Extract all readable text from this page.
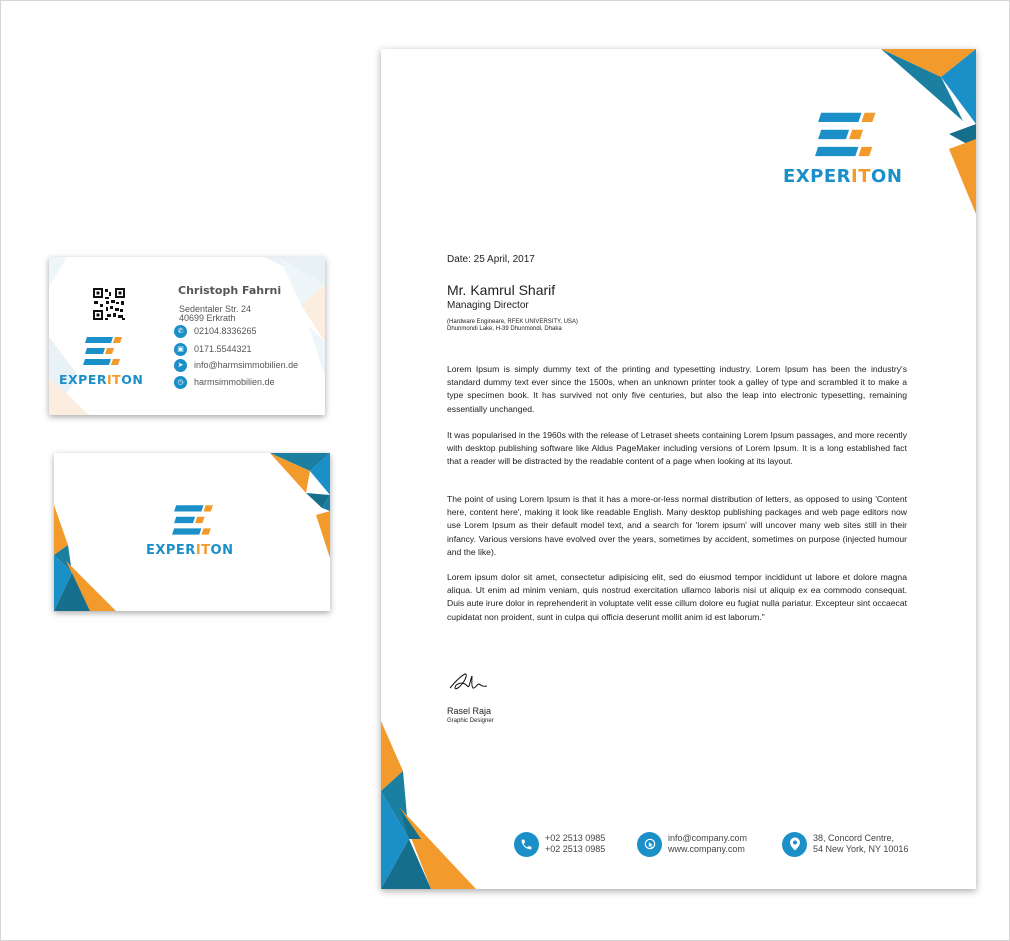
EXPERITON
Christoph Fahrni
Sedentaler Str. 24
40699 Erkrath
✆	02104.8336265
▣	0171.5544321
➤	info@harmsimmobilien.de
◷	harmsimmobilien.de
EXPERITON
EXPERITON
Date: 25 April, 2017
Mr. Kamrul Sharif
Managing Director
(Hardware Engineare, RFEK UNIVERSITY, USA)
Dhunmondi Lake, H-39 Dhunmondi, Dhaka

Lorem Ipsum is simply dummy text of the printing and typesetting industry. Lorem Ipsum has been the industry's standard dummy text ever since the 1500s, when an unknown printer took a galley of type and scrambled it to make a type specimen book. It has survived not only five centuries, but also the leap into electronic typesetting, remaining essentially unchanged.

It was popularised in the 1960s with the release of Letraset sheets containing Lorem Ipsum passages, and more recently with desktop publishing software like Aldus PageMaker including versions of Lorem Ipsum. It is a long established fact that a reader will be distracted by the readable content of a page when looking at its layout.

The point of using Lorem Ipsum is that it has a more-or-less normal distribution of letters, as opposed to using 'Content here, content here', making it look like readable English. Many desktop publishing packages and web page editors now use Lorem Ipsum as their default model text, and a search for 'lorem ipsum' will uncover many web sites still in their infancy. Various versions have evolved over the years, sometimes by accident, sometimes on purpose (injected humour and the like).

Lorem ipsum dolor sit amet, consectetur adipisicing elit, sed do eiusmod tempor incididunt ut labore et dolore magna aliqua. Ut enim ad minim veniam, quis nostrud exercitation ullamco laboris nisi ut aliquip ex ea commodo consequat. Duis aute irure dolor in reprehenderit in voluptate velit esse cillum dolore eu fugiat nulla pariatur. Excepteur sint occaecat cupidatat non proident, sunt in culpa qui officia deserunt mollit anim id est laborum."

Rasel Raja
Graphic Designer
+02 2513 0985
+02 2513 0985
info@company.com
www.company.com
38, Concord Centre,
54 New York, NY 10016
